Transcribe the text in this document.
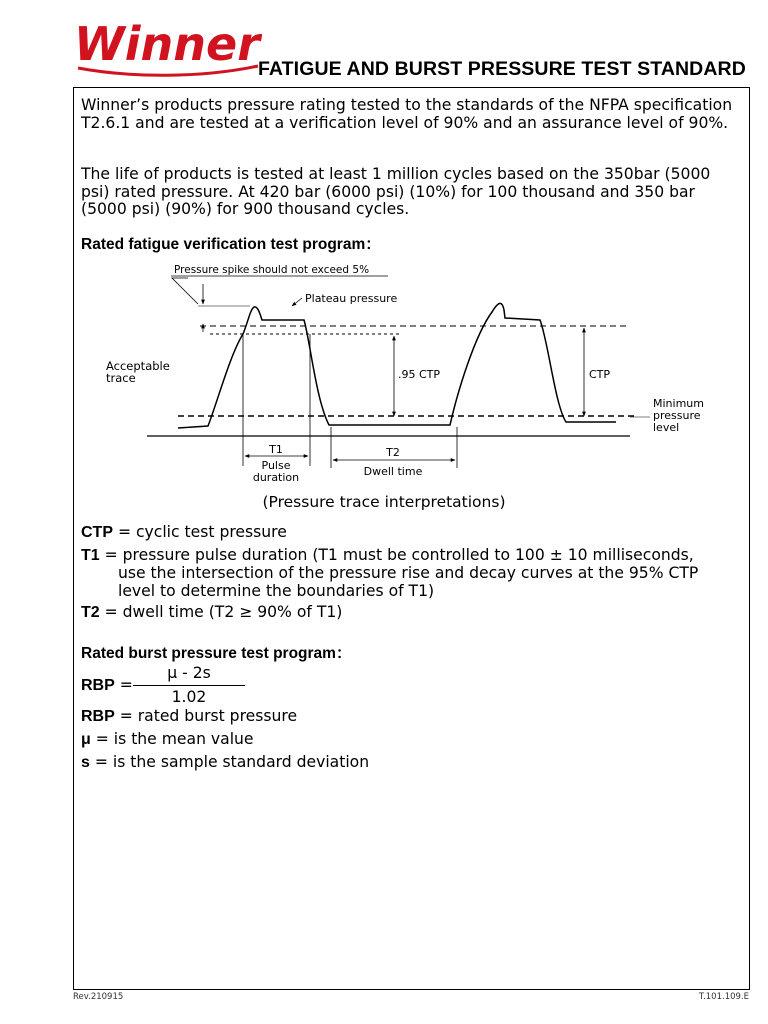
Winner
FATIGUE AND BURST PRESSURE TEST STANDARD

Winner’s products pressure rating tested to the standards of the NFPA specification T2.6.1 and are tested at a verification level of 90% and an assurance level of 90%.

The life of products is tested at least 1 million cycles based on the 350bar (5000 psi) rated pressure. At 420 bar (6000 psi) (10%) for 100 thousand and 350 bar (5000 psi) (90%) for 900 thousand cycles.

Rated fatigue verification test program：
Pressure spike should not exceed 5%
Plateau pressure
Acceptable
trace	.95 CTP	CTP
Minimum
pressure
level
T1
Pulse
duration
T2
Dwell time
(Pressure trace interpretations)
CTP = cyclic test pressure
T1 = pressure pulse duration (T1 must be controlled to 100 ± 10 milliseconds,
use the intersection of the pressure rise and decay curves at the 95% CTP
level to determine the boundaries of T1)
T2 = dwell time (T2 ≥ 90% of T1)
Rated burst pressure test program：
RBP =
μ - 2s
1.02
RBP = rated burst pressure
μ = is the mean value
s = is the sample standard deviation
Rev.210915	T.101.109.E
